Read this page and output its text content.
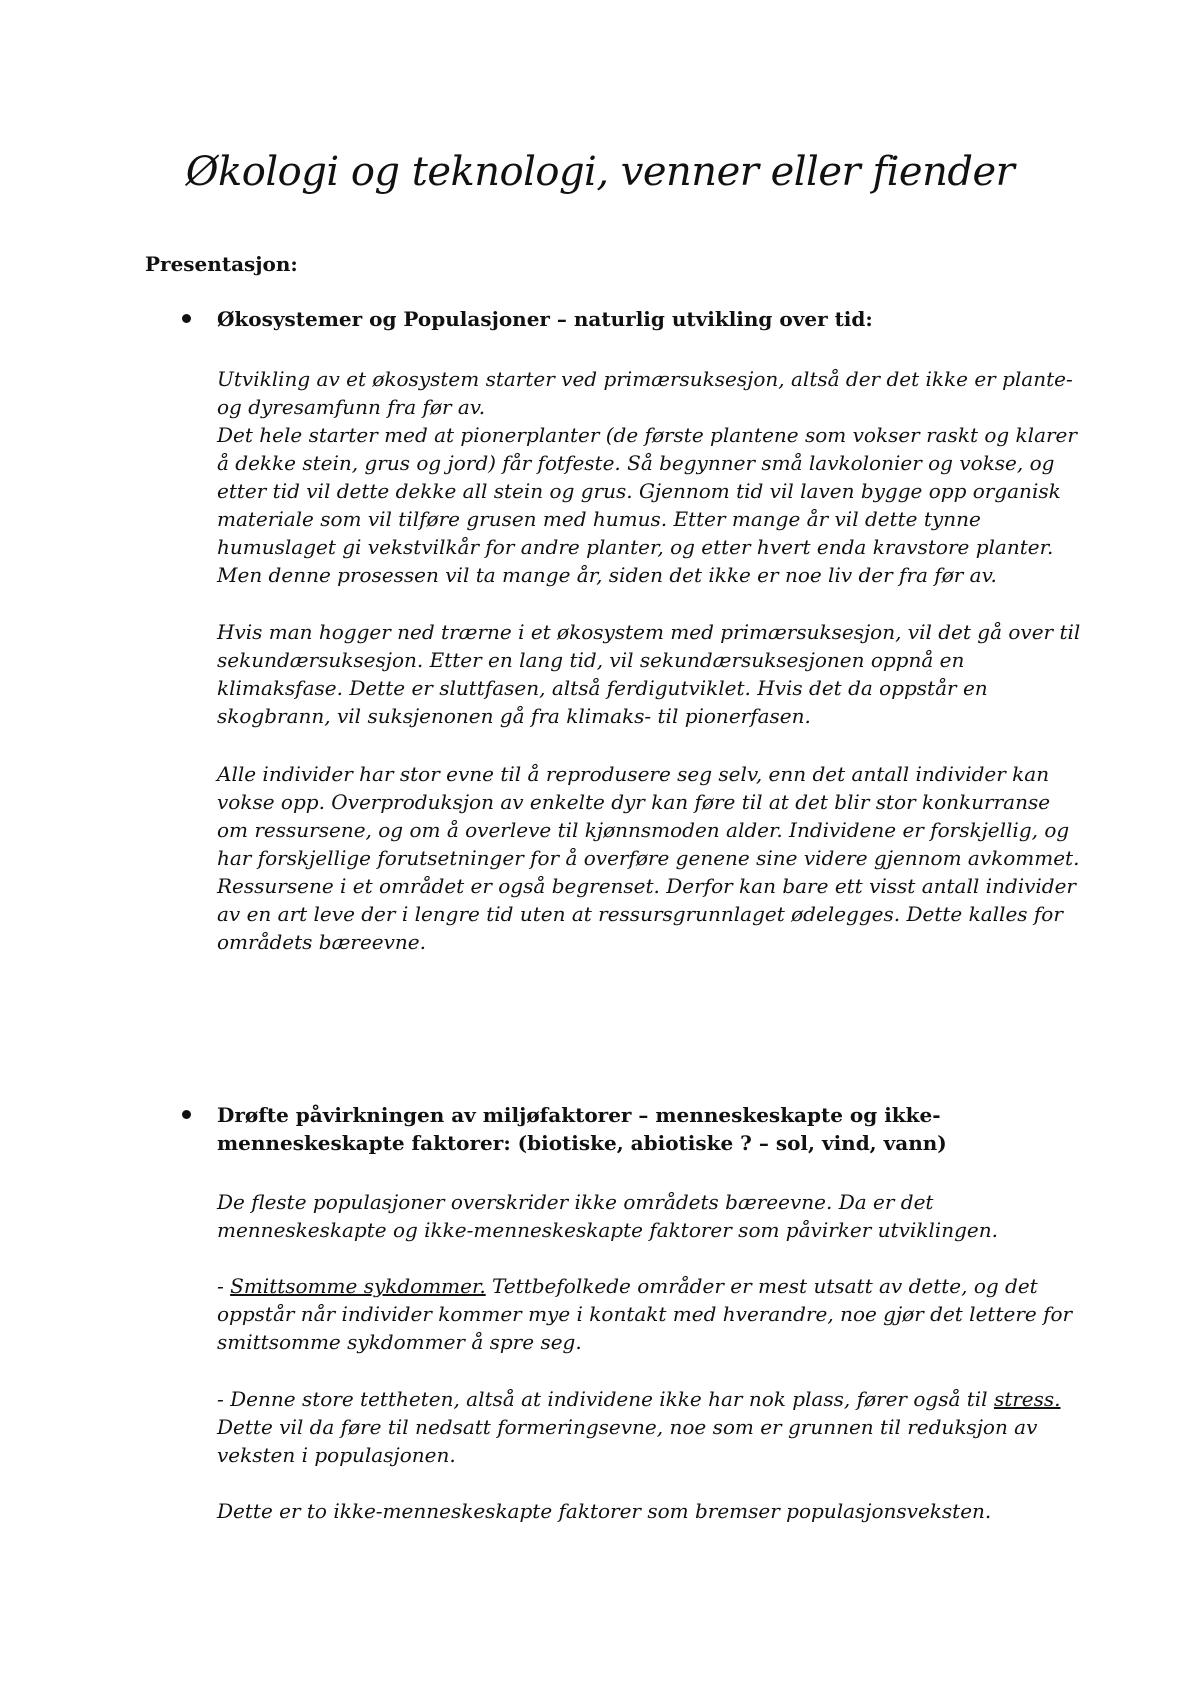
Økologi og teknologi, venner eller fiender
Presentasjon:
Økosystemer og Populasjoner – naturlig utvikling over tid:
Utvikling av et økosystem starter ved primærsuksesjon, altså der det ikke er plante-
og dyresamfunn fra før av.
Det hele starter med at pionerplanter (de første plantene som vokser raskt og klarer
å dekke stein, grus og jord) får fotfeste. Så begynner små lavkolonier og vokse, og
etter tid vil dette dekke all stein og grus. Gjennom tid vil laven bygge opp organisk
materiale som vil tilføre grusen med humus. Etter mange år vil dette tynne
humuslaget gi vekstvilkår for andre planter, og etter hvert enda kravstore planter.
Men denne prosessen vil ta mange år, siden det ikke er noe liv der fra før av.
Hvis man hogger ned trærne i et økosystem med primærsuksesjon, vil det gå over til
sekundærsuksesjon. Etter en lang tid, vil sekundærsuksesjonen oppnå en
klimaksfase. Dette er sluttfasen, altså ferdigutviklet. Hvis det da oppstår en
skogbrann, vil suksjenonen gå fra klimaks- til pionerfasen.
Alle individer har stor evne til å reprodusere seg selv, enn det antall individer kan
vokse opp. Overproduksjon av enkelte dyr kan føre til at det blir stor konkurranse
om ressursene, og om å overleve til kjønnsmoden alder. Individene er forskjellig, og
har forskjellige forutsetninger for å overføre genene sine videre gjennom avkommet.
Ressursene i et området er også begrenset. Derfor kan bare ett visst antall individer
av en art leve der i lengre tid uten at ressursgrunnlaget ødelegges. Dette kalles for
områdets bæreevne.
Drøfte påvirkningen av miljøfaktorer – menneskeskapte og ikke-
menneskeskapte faktorer: (biotiske, abiotiske ? – sol, vind, vann)
De fleste populasjoner overskrider ikke områdets bæreevne. Da er det
menneskeskapte og ikke-menneskeskapte faktorer som påvirker utviklingen.
- Smittsomme sykdommer. Tettbefolkede områder er mest utsatt av dette, og det
oppstår når individer kommer mye i kontakt med hverandre, noe gjør det lettere for
smittsomme sykdommer å spre seg.
- Denne store tettheten, altså at individene ikke har nok plass, fører også til stress.
Dette vil da føre til nedsatt formeringsevne, noe som er grunnen til reduksjon av
veksten i populasjonen.
Dette er to ikke-menneskeskapte faktorer som bremser populasjonsveksten.
